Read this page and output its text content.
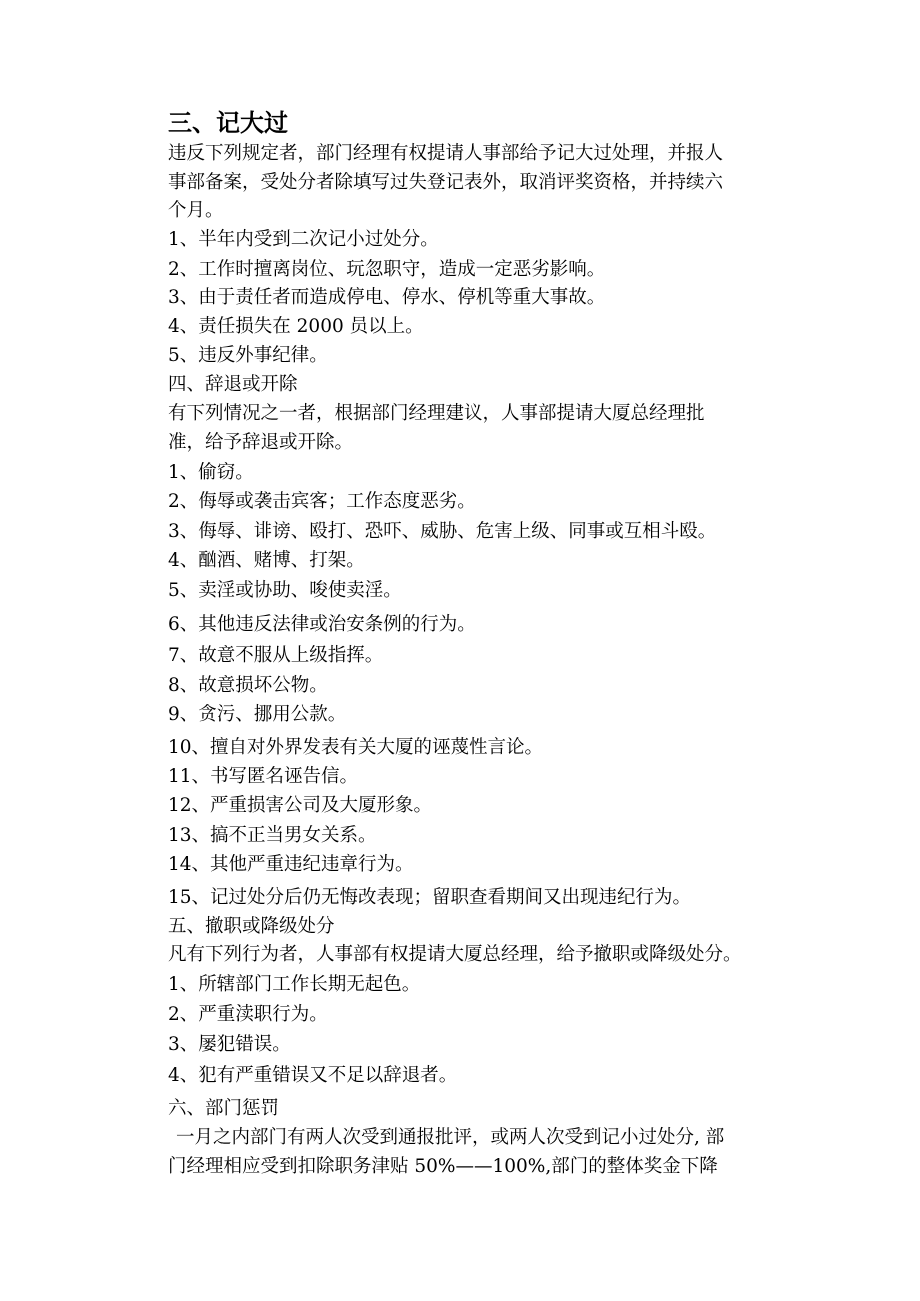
三、记大过

违反下列规定者，部门经理有权提请人事部给予记大过处理，并报人

事部备案，受处分者除填写过失登记表外，取消评奖资格，并持续六

个月。

1、半年内受到二次记小过处分。

2、工作时擅离岗位、玩忽职守，造成一定恶劣影响。

3、由于责任者而造成停电、停水、停机等重大事故。

4、责任损失在 2000 员以上。

5、违反外事纪律。

四、辞退或开除

有下列情况之一者，根据部门经理建议，人事部提请大厦总经理批

准，给予辞退或开除。

1、偷窃。

2、侮辱或袭击宾客；工作态度恶劣。

3、侮辱、诽谤、殴打、恐吓、威胁、危害上级、同事或互相斗殴。

4、酗酒、赌博、打架。

5、卖淫或协助、唆使卖淫。

6、其他违反法律或治安条例的行为。

7、故意不服从上级指挥。

8、故意损坏公物。

9、贪污、挪用公款。

10、擅自对外界发表有关大厦的诬蔑性言论。

11、书写匿名诬告信。

12、严重损害公司及大厦形象。

13、搞不正当男女关系。

14、其他严重违纪违章行为。

15、记过处分后仍无悔改表现；留职查看期间又出现违纪行为。

五、撤职或降级处分

凡有下列行为者，人事部有权提请大厦总经理，给予撤职或降级处分。

1、所辖部门工作长期无起色。

2、严重渎职行为。

3、屡犯错误。

4、犯有严重错误又不足以辞退者。

六、部门惩罚

一月之内部门有两人次受到通报批评，或两人次受到记小过处分, 部

门经理相应受到扣除职务津贴 50%——100%,部门的整体奖金下降
